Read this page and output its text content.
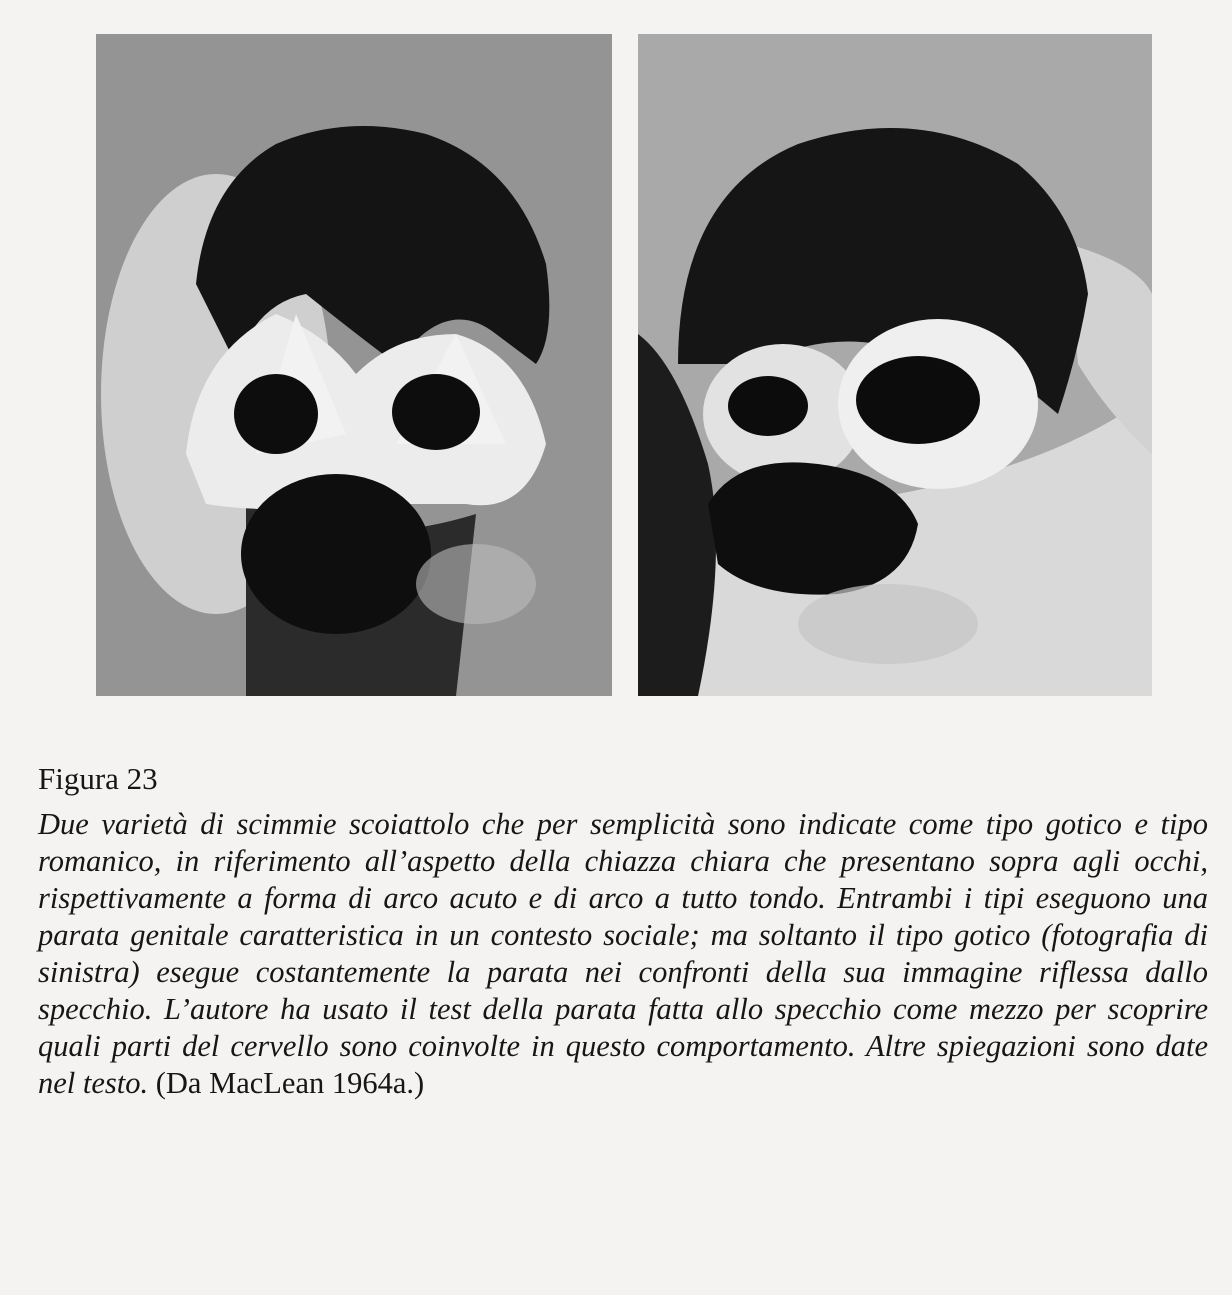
Figura 23

Due varietà di scimmie scoiattolo che per semplicità sono indicate come tipo gotico e tipo romanico, in riferimento all’aspetto della chiazza chiara che presentano sopra agli occhi, rispettivamente a forma di arco acuto e di arco a tutto tondo. Entrambi i tipi eseguono una parata genitale caratteristica in un contesto sociale; ma soltanto il tipo gotico (fotografia di sinistra) esegue costantemente la parata nei confronti della sua immagine riflessa dallo specchio. L’autore ha usato il test della parata fatta allo specchio come mezzo per scoprire quali parti del cervello sono coinvolte in questo comportamento. Altre spiegazioni sono date nel testo. (Da MacLean 1964a.)
